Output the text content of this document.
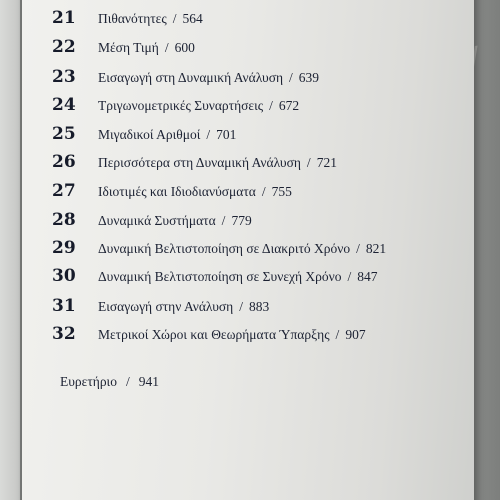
21	Πιθανότητες / 564
22	Μέση Τιμή / 600
23	Εισαγωγή στη Δυναμική Ανάλυση / 639
24	Τριγωνομετρικές Συναρτήσεις / 672
25	Μιγαδικοί Αριθμοί / 701
26	Περισσότερα στη Δυναμική Ανάλυση / 721
27	Ιδιοτιμές και Ιδιοδιανύσματα / 755
28	Δυναμικά Συστήματα / 779
29	Δυναμική Βελτιστοποίηση σε Διακριτό Χρόνο / 821
30	Δυναμική Βελτιστοποίηση σε Συνεχή Χρόνο / 847
31	Εισαγωγή στην Ανάλυση / 883
32	Μετρικοί Χώροι και Θεωρήματα Ύπαρξης / 907
Ευρετήριο / 941
